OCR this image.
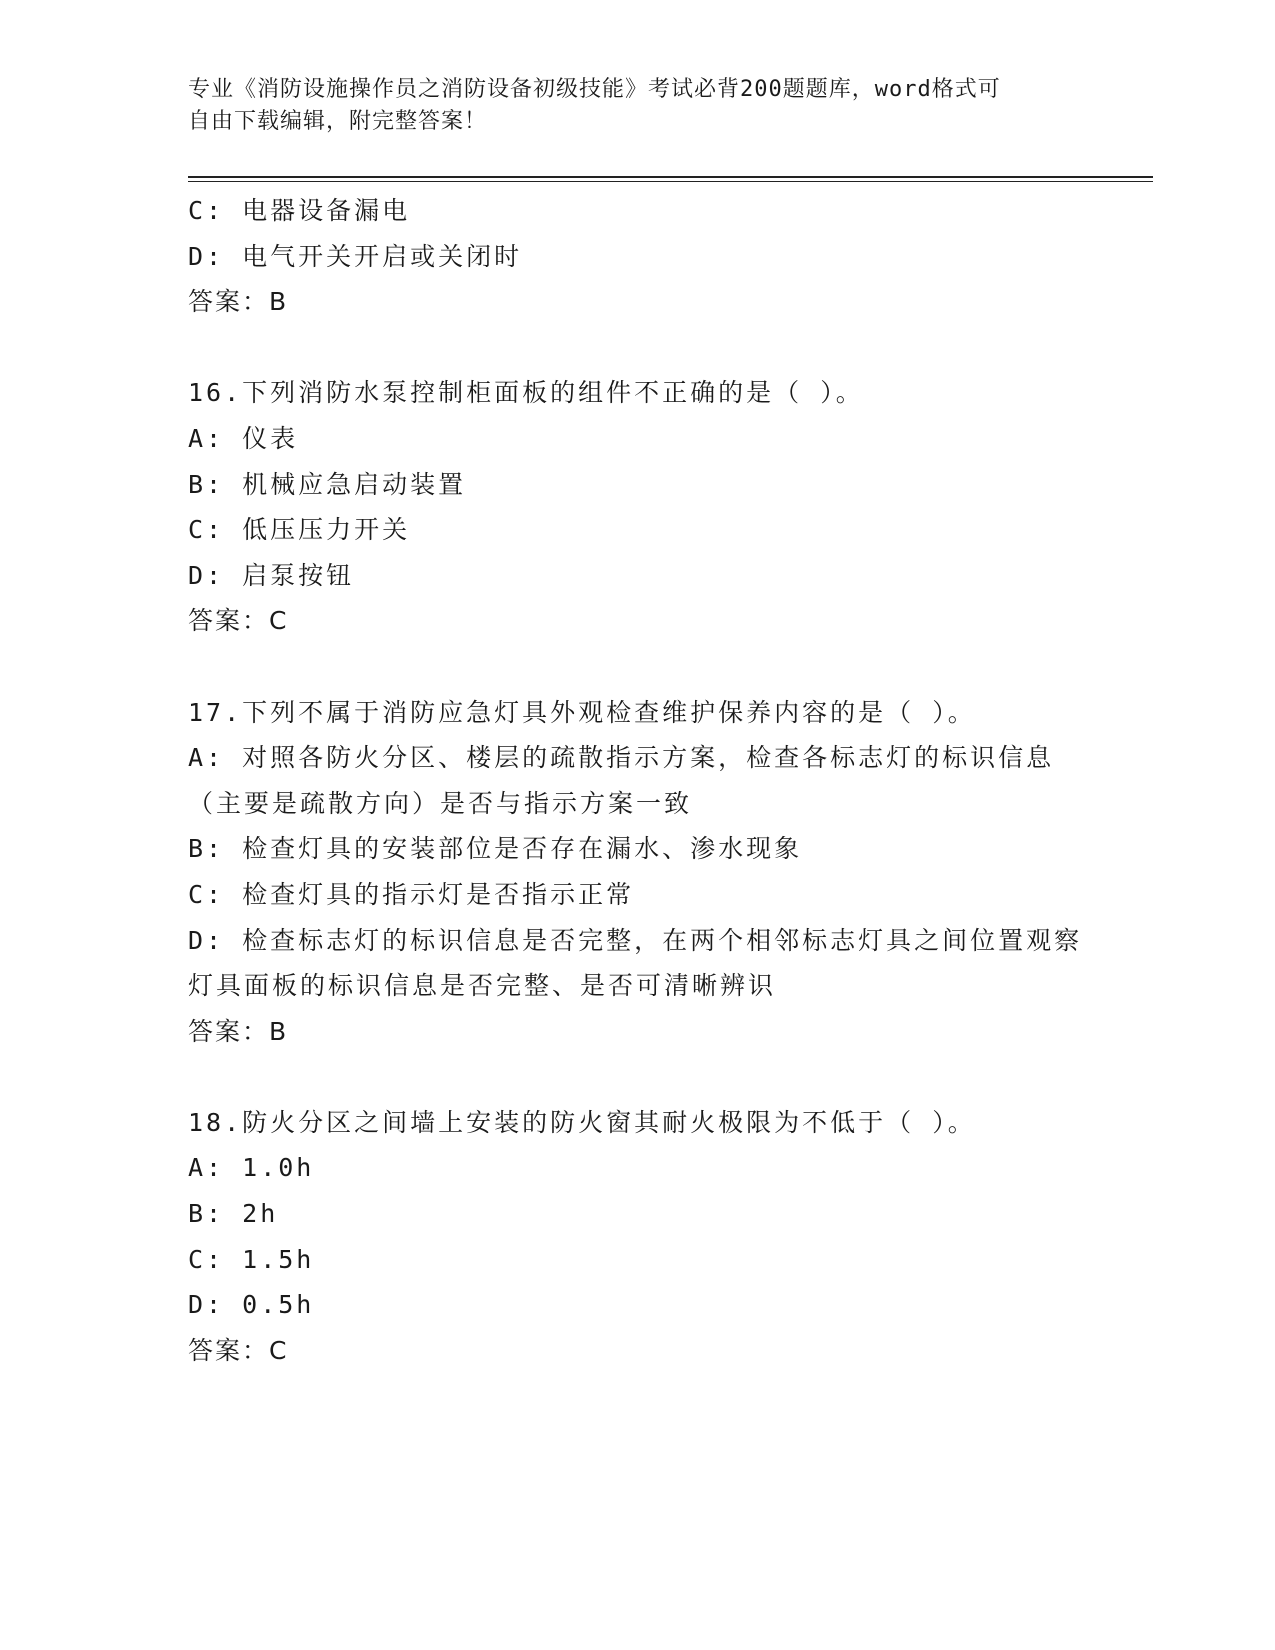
专业《消防设施操作员之消防设备初级技能》考试必背200题题库，word格式可
自由下载编辑，附完整答案！
C: 电器设备漏电
D: 电气开关开启或关闭时
答案：B
16.下列消防水泵控制柜面板的组件不正确的是（ ）。
A: 仪表
B: 机械应急启动装置
C: 低压压力开关
D: 启泵按钮
答案：C
17.下列不属于消防应急灯具外观检查维护保养内容的是（ ）。
A: 对照各防火分区、楼层的疏散指示方案，检查各标志灯的标识信息（主要是疏散方向）是否与指示方案一致
B: 检查灯具的安装部位是否存在漏水、渗水现象
C: 检查灯具的指示灯是否指示正常
D: 检查标志灯的标识信息是否完整，在两个相邻标志灯具之间位置观察灯具面板的标识信息是否完整、是否可清晰辨识
答案：B
18.防火分区之间墙上安装的防火窗其耐火极限为不低于（ ）。
A: 1.0h
B: 2h
C: 1.5h
D: 0.5h
答案：C
